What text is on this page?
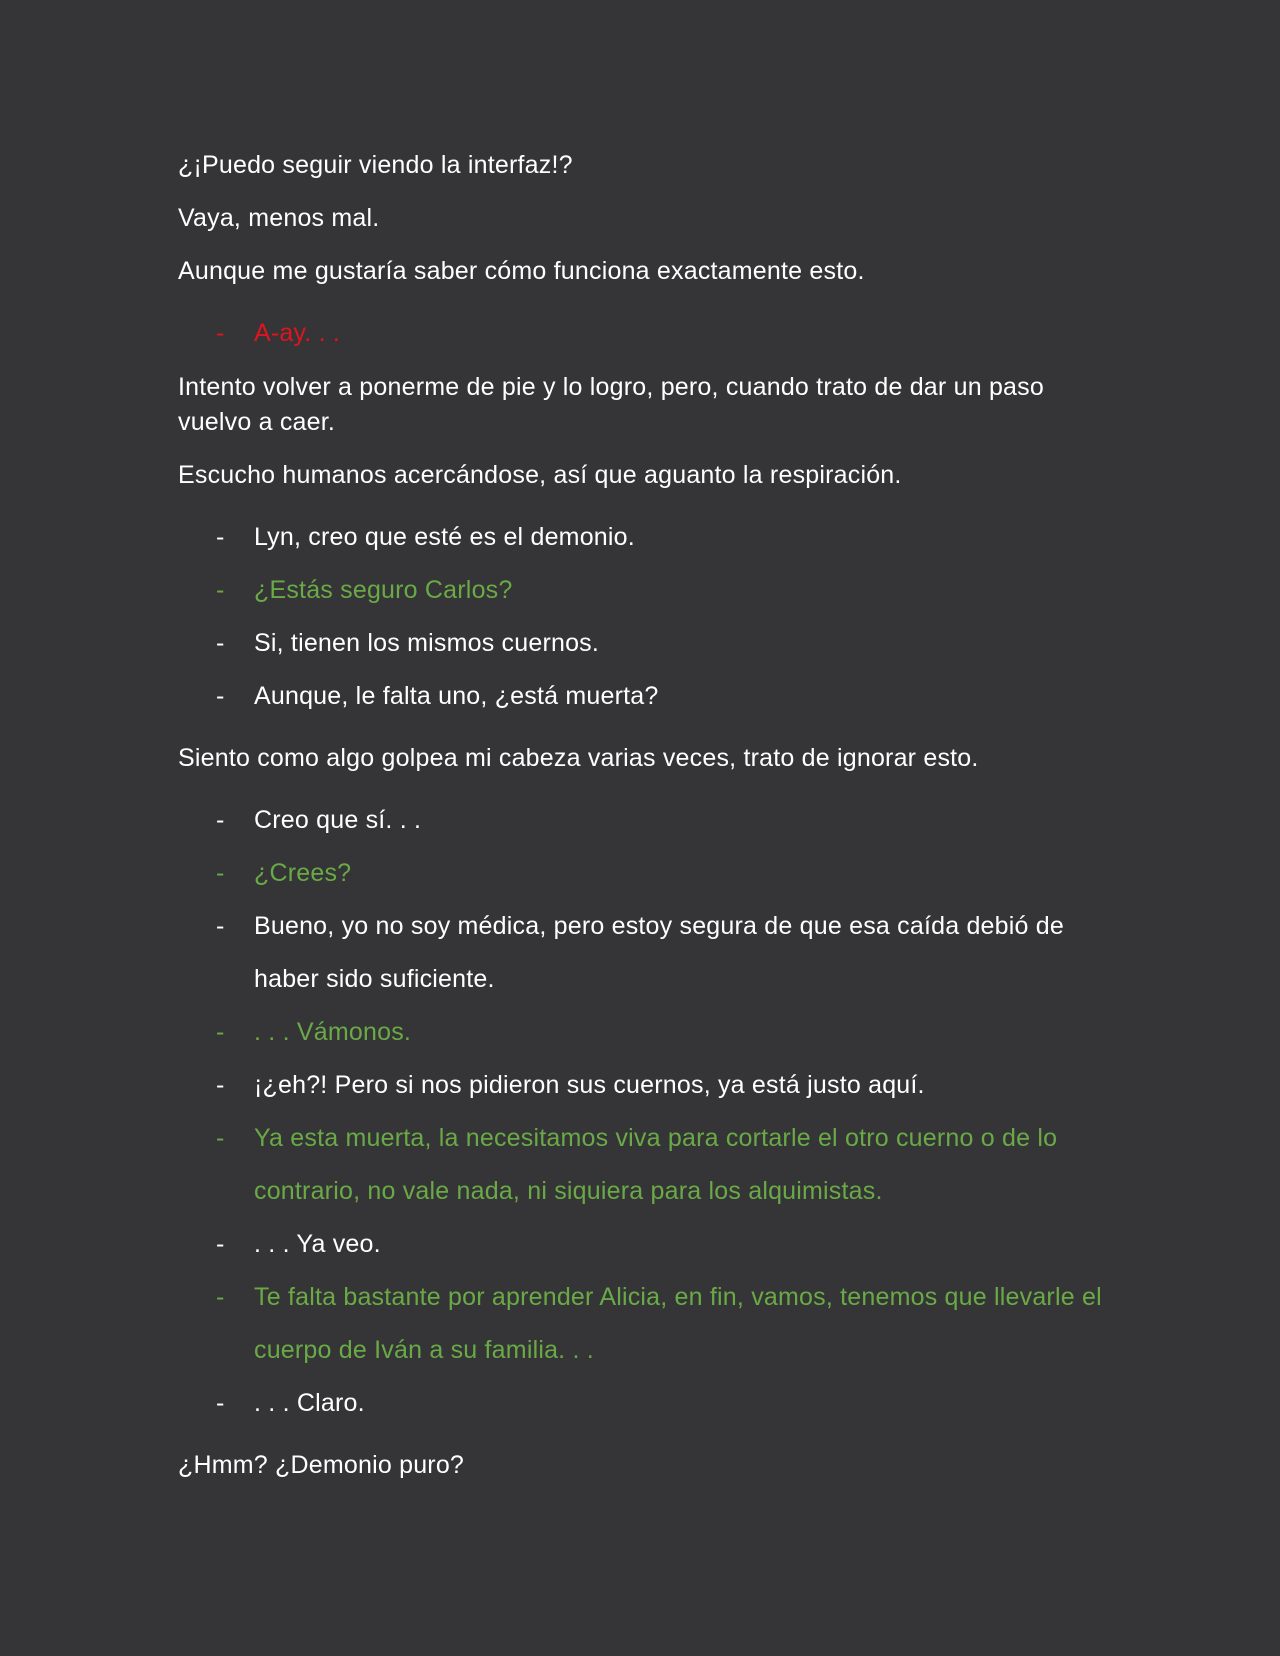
¿¡Puedo seguir viendo la interfaz!?

Vaya, menos mal.

Aunque me gustaría saber cómo funciona exactamente esto.

-	A-ay. . .

Intento volver a ponerme de pie y lo logro, pero, cuando trato de dar un paso vuelvo a caer.

Escucho humanos acercándose, así que aguanto la respiración.

-	Lyn, creo que esté es el demonio.
-	¿Estás seguro Carlos?
-	Si, tienen los mismos cuernos.
-	Aunque, le falta uno, ¿está muerta?

Siento como algo golpea mi cabeza varias veces, trato de ignorar esto.

-	Creo que sí. . .
-	¿Crees?
-	Bueno, yo no soy médica, pero estoy segura de que esa caída debió de haber sido suficiente.
-	. . . Vámonos.
-	¡¿eh?! Pero si nos pidieron sus cuernos, ya está justo aquí.
-	Ya esta muerta, la necesitamos viva para cortarle el otro cuerno o de lo contrario, no vale nada, ni siquiera para los alquimistas.
-	. . . Ya veo.
-	Te falta bastante por aprender Alicia, en fin, vamos, tenemos que llevarle el cuerpo de Iván a su familia. . .
-	. . . Claro.

¿Hmm? ¿Demonio puro?
